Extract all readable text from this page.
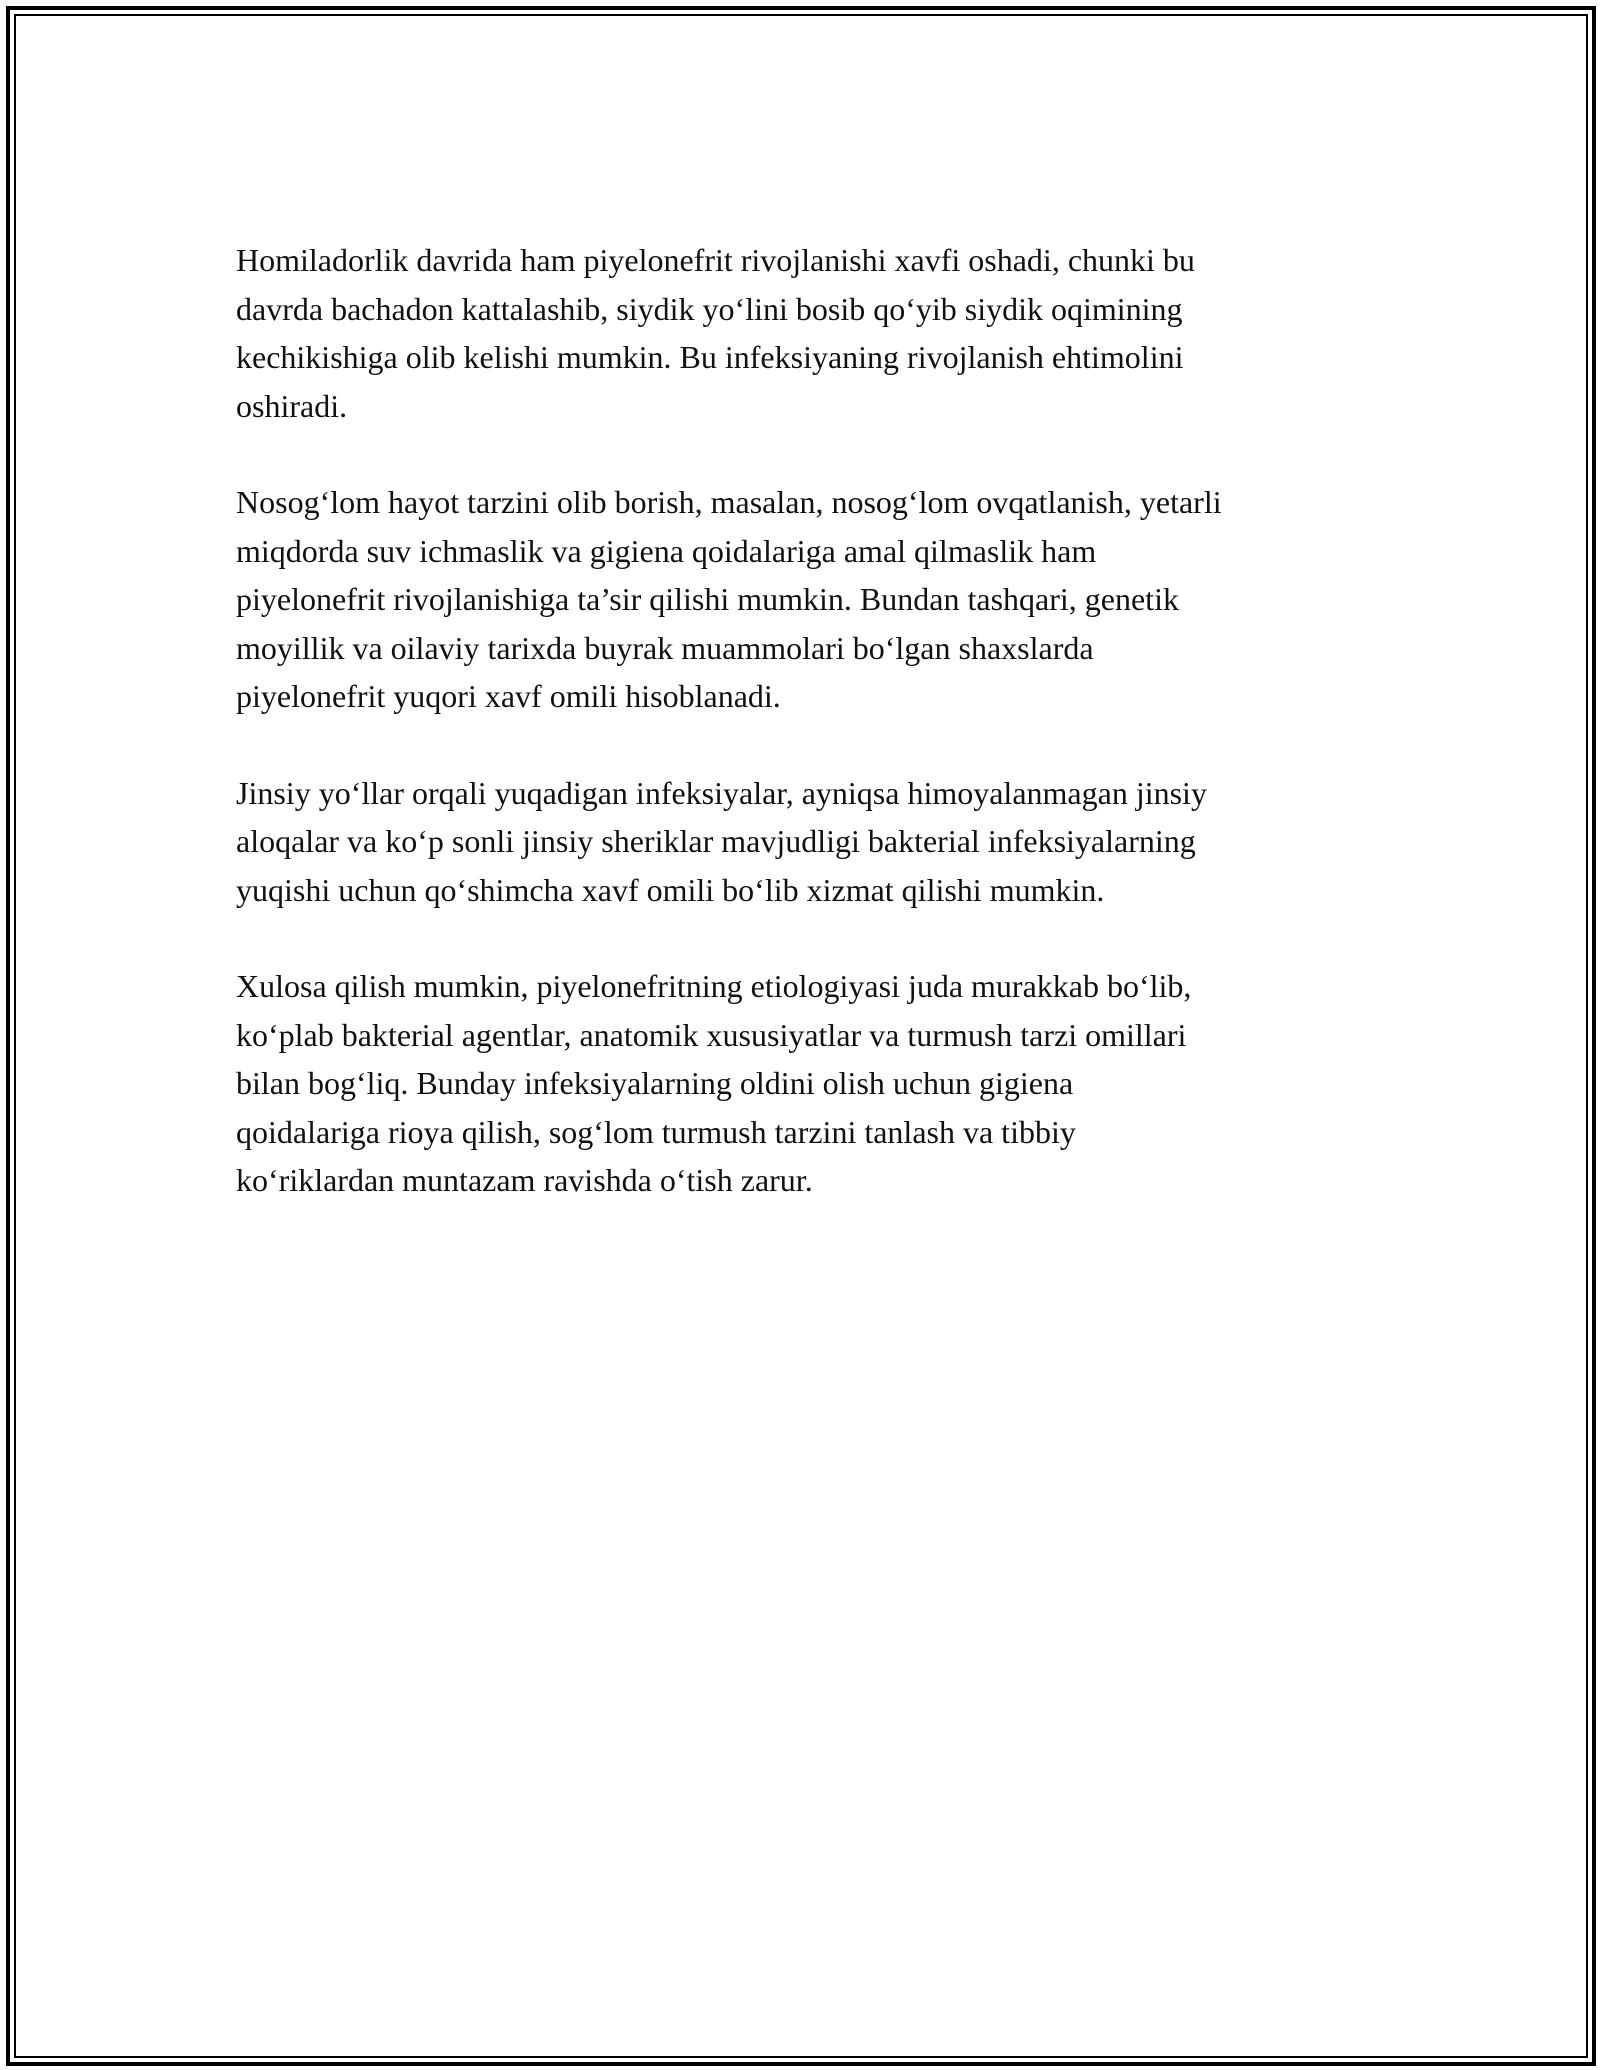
Homiladorlik davrida ham piyelonefrit rivojlanishi xavfi oshadi, chunki bu
davrda bachadon kattalashib, siydik yo‘lini bosib qo‘yib siydik oqimining
kechikishiga olib kelishi mumkin. Bu infeksiyaning rivojlanish ehtimolini
oshiradi.

Nosog‘lom hayot tarzini olib borish, masalan, nosog‘lom ovqatlanish, yetarli
miqdorda suv ichmaslik va gigiena qoidalariga amal qilmaslik ham
piyelonefrit rivojlanishiga ta’sir qilishi mumkin. Bundan tashqari, genetik
moyillik va oilaviy tarixda buyrak muammolari bo‘lgan shaxslarda
piyelonefrit yuqori xavf omili hisoblanadi.

Jinsiy yo‘llar orqali yuqadigan infeksiyalar, ayniqsa himoyalanmagan jinsiy
aloqalar va ko‘p sonli jinsiy sheriklar mavjudligi bakterial infeksiyalarning
yuqishi uchun qo‘shimcha xavf omili bo‘lib xizmat qilishi mumkin.

Xulosa qilish mumkin, piyelonefritning etiologiyasi juda murakkab bo‘lib,
ko‘plab bakterial agentlar, anatomik xususiyatlar va turmush tarzi omillari
bilan bog‘liq. Bunday infeksiyalarning oldini olish uchun gigiena
qoidalariga rioya qilish, sog‘lom turmush tarzini tanlash va tibbiy
ko‘riklardan muntazam ravishda o‘tish zarur.
